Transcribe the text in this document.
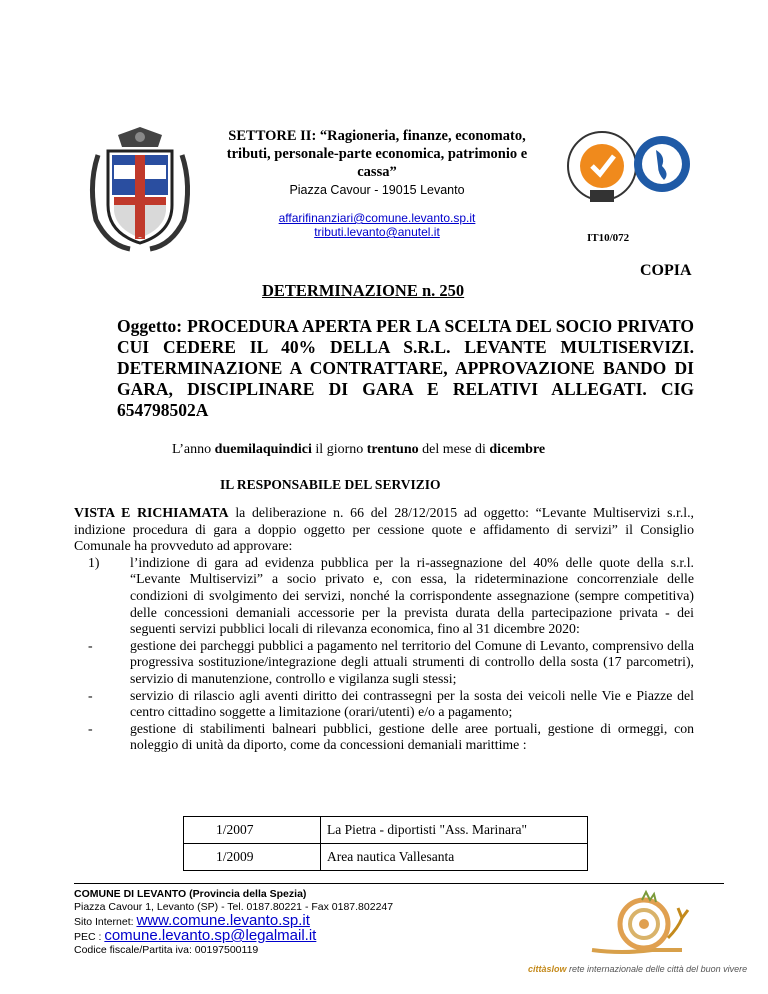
SETTORE II: “Ragioneria, finanze, economato, tributi, personale-parte economica, patrimonio e cassa”
Piazza Cavour - 19015 Levanto
affarifinanziari@comune.levanto.sp.it
tributi.levanto@anutel.it	IT10/072
COPIA
DETERMINAZIONE n. 250
Oggetto: PROCEDURA APERTA PER LA SCELTA DEL SOCIO PRIVATO CUI CEDERE IL 40% DELLA S.R.L. LEVANTE MULTISERVIZI. DETERMINAZIONE A CONTRATTARE, APPROVAZIONE BANDO DI GARA, DISCIPLINARE DI GARA E RELATIVI ALLEGATI. CIG 654798502A
L’anno duemilaquindici il giorno trentuno del mese di dicembre
IL RESPONSABILE DEL SERVIZIO

VISTA E RICHIAMATA la deliberazione n. 66 del 28/12/2015 ad oggetto: “Levante Multiservizi s.r.l., indizione procedura di gara a doppio oggetto per cessione quote e affidamento di servizi” il Consiglio Comunale ha provveduto ad approvare:

1) l’indizione di gara ad evidenza pubblica per la ri-assegnazione del 40% delle quote della s.r.l. “Levante Multiservizi” a socio privato e, con essa, la rideterminazione concorrenziale delle condizioni di svolgimento dei servizi, nonché la corrispondente assegnazione (sempre competitiva) delle concessioni demaniali accessorie per la prevista durata della partecipazione privata - dei seguenti servizi pubblici locali di rilevanza economica, fino al 31 dicembre 2020:
-	gestione dei parcheggi pubblici a pagamento nel territorio del Comune di Levanto, comprensivo della progressiva sostituzione/integrazione degli attuali strumenti di controllo della sosta (17 parcometri), servizio di manutenzione, controllo e vigilanza sugli stessi;
-	servizio di rilascio agli aventi diritto dei contrassegni per la sosta dei veicoli nelle Vie e Piazze del centro cittadino soggette a limitazione (orari/utenti) e/o a pagamento;
-	gestione di stabilimenti balneari pubblici, gestione delle aree portuali, gestione di ormeggi, con noleggio di unità da diporto, come da concessioni demaniali marittime :
1/2007	La Pietra - diportisti "Ass. Marinara"
1/2009	Area nautica Vallesanta
COMUNE DI LEVANTO (Provincia della Spezia)
Piazza Cavour 1, Levanto (SP) - Tel. 0187.80221 - Fax 0187.802247
Sito Internet: www.comune.levanto.sp.it
PEC : comune.levanto.sp@legalmail.it
Codice fiscale/Partita iva: 00197500119
cittàslow rete internazionale delle città del buon vivere
